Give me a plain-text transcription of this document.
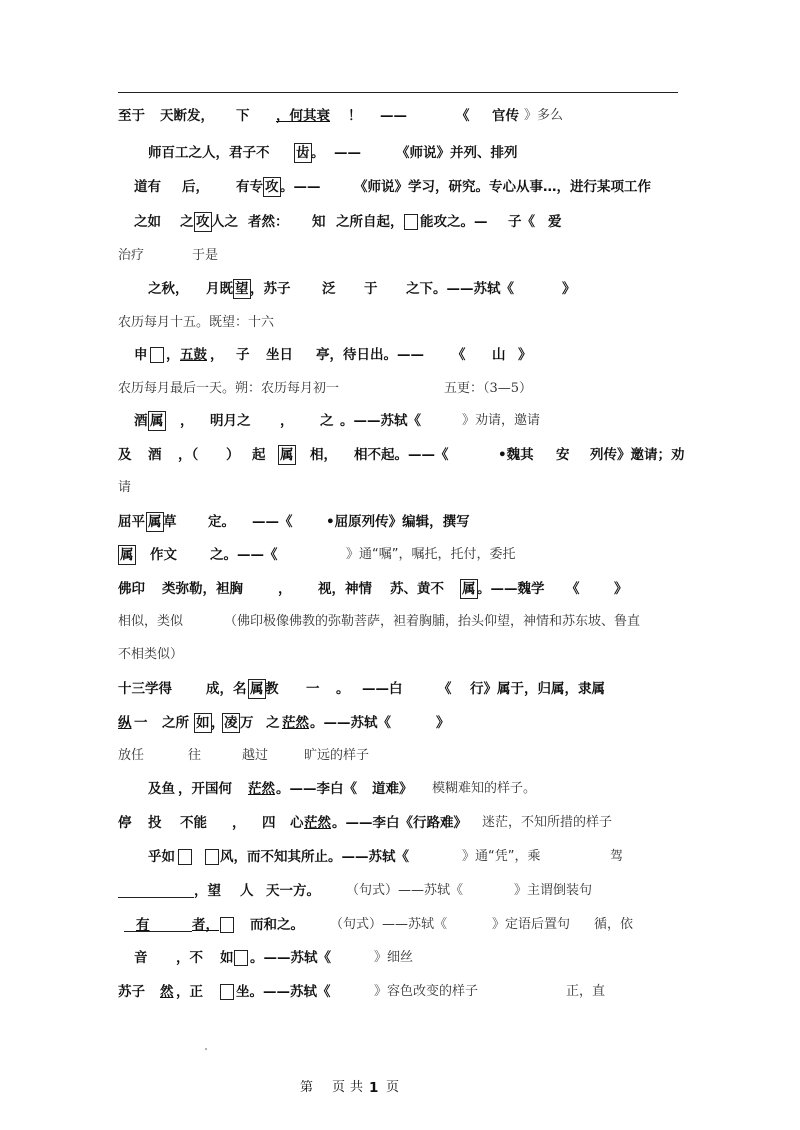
至于 天断发， 下 ，何其衰 ！ ——	《 官传 》多么
师百工之人，君子不 齿 。 ——	《师说》并列、排列
道有 后， 有专 攻 。—— 《师说》学习，研究。专心从事…，进行某项工作
之如 之 攻 人之 者然： 知 之所自起， 能攻之。— 子《 爱
治疗	于是
之秋， 月既 望 ，苏子 泛 于 之下。——苏轼《	》
农历每月十五。既望：十六
申 ， 五鼓 ， 子 坐日 亭，待日出。—— 《 山 》
农历每月最后一天。朔：农历每月初一	五更：（3—5）
酒 属 ， 明月之 ， 之 。——苏轼《	》劝请，邀请
及 酒 ，（ ） 起 属 相， 相不起。——《	•魏其 安 列传》邀请；劝
请
屈平 属 草 定。 ——《 •屈原列传》编辑，撰写
属 作文 之。——《	》通“嘱”，嘱托，托付，委托
佛印 类弥勒，袒胸	， 视，神情 苏、黄不 属 。——魏学 《	》
相似，类似	（佛印极像佛教的弥勒菩萨，袒着胸脯，抬头仰望，神情和苏东坡、鲁直
不相类似）
十三学得	成，名 属 教 一 。 ——白	《 行》属于，归属，隶属
纵 一 之所 如 ， 凌 万 之 茫然 。——苏轼《	》
放任	往	越过	旷远的样子
及鱼 ，开国何 茫然 。——李白《 道难》 模糊难知的样子。
停 投 不能 ， 四 心 茫然 。——李白《行路难》 迷茫，不知所措的样子
乎如	风，而不知其所止。——苏轼《	》通“凭”，乘	驾
，望 人 天一方。 （句式）——苏轼《	》主谓倒装句
有	者， 而和之。 （句式）——苏轼《	》定语后置句 循，依
音 ，不 如 。——苏轼《	》细丝
苏子 然 ，正 坐。——苏轼《	》容色改变的样子	正，直
第 页 共 1 页
